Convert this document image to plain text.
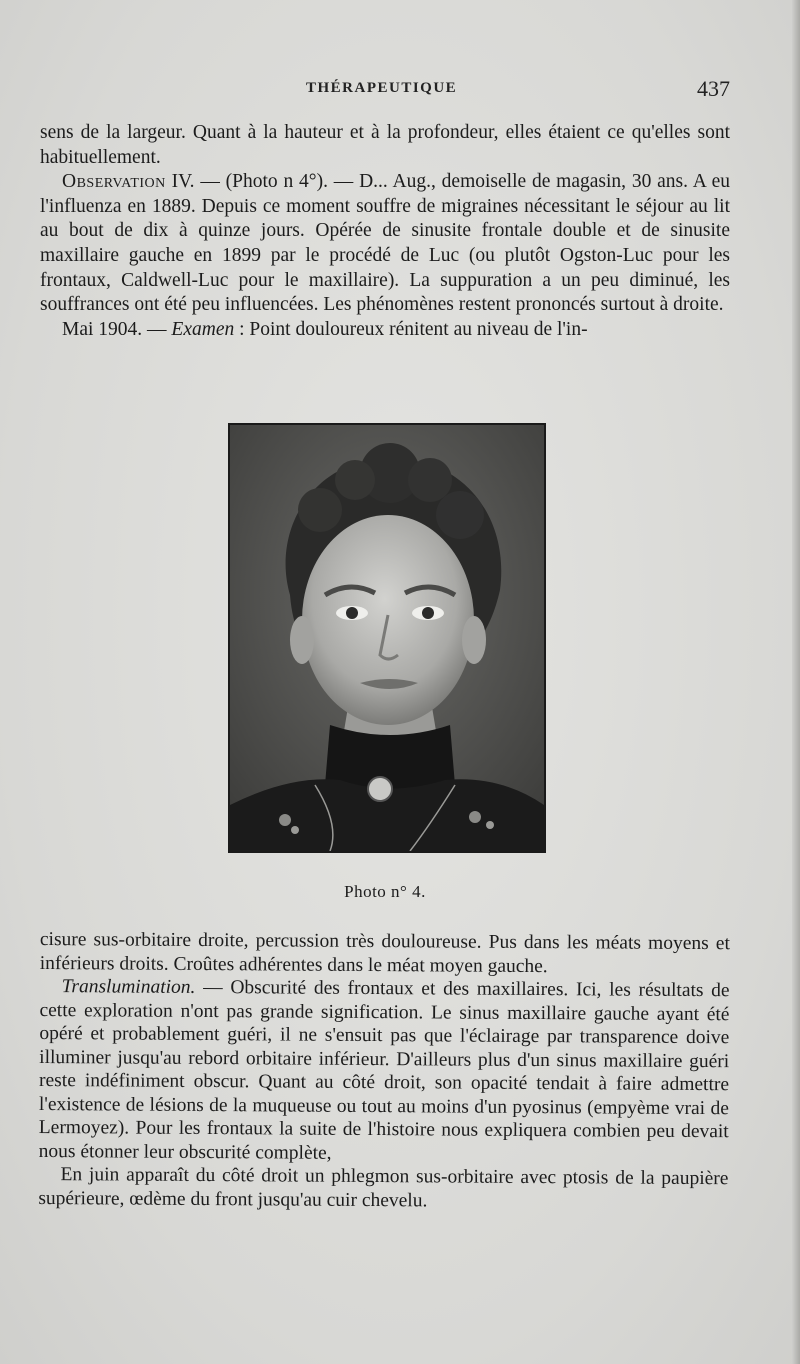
THÉRAPEUTIQUE	437

sens de la largeur. Quant à la hauteur et à la profondeur, elles étaient ce qu'elles sont habituellement.

Observation IV. — (Photo n 4°). — D... Aug., demoiselle de magasin, 30 ans. A eu l'influenza en 1889. Depuis ce moment souffre de migraines nécessitant le séjour au lit au bout de dix à quinze jours. Opérée de sinusite frontale double et de sinusite maxillaire gauche en 1899 par le procédé de Luc (ou plutôt Ogston-Luc pour les frontaux, Caldwell-Luc pour le maxillaire). La suppuration a un peu diminué, les souffrances ont été peu influencées. Les phénomènes restent prononcés surtout à droite.

Mai 1904. — Examen : Point douloureux rénitent au niveau de l'in-

Photo n° 4.

cisure sus-orbitaire droite, percussion très douloureuse. Pus dans les méats moyens et inférieurs droits. Croûtes adhérentes dans le méat moyen gauche.

Translumination. — Obscurité des frontaux et des maxillaires. Ici, les résultats de cette exploration n'ont pas grande signification. Le sinus maxillaire gauche ayant été opéré et probablement guéri, il ne s'ensuit pas que l'éclairage par transparence doive illuminer jusqu'au rebord orbitaire inférieur. D'ailleurs plus d'un sinus maxillaire guéri reste indéfiniment obscur. Quant au côté droit, son opacité tendait à faire admettre l'existence de lésions de la muqueuse ou tout au moins d'un pyosinus (empyème vrai de Lermoyez). Pour les frontaux la suite de l'histoire nous expliquera combien peu devait nous étonner leur obscurité complète,

En juin apparaît du côté droit un phlegmon sus-orbitaire avec ptosis de la paupière supérieure, œdème du front jusqu'au cuir chevelu.
